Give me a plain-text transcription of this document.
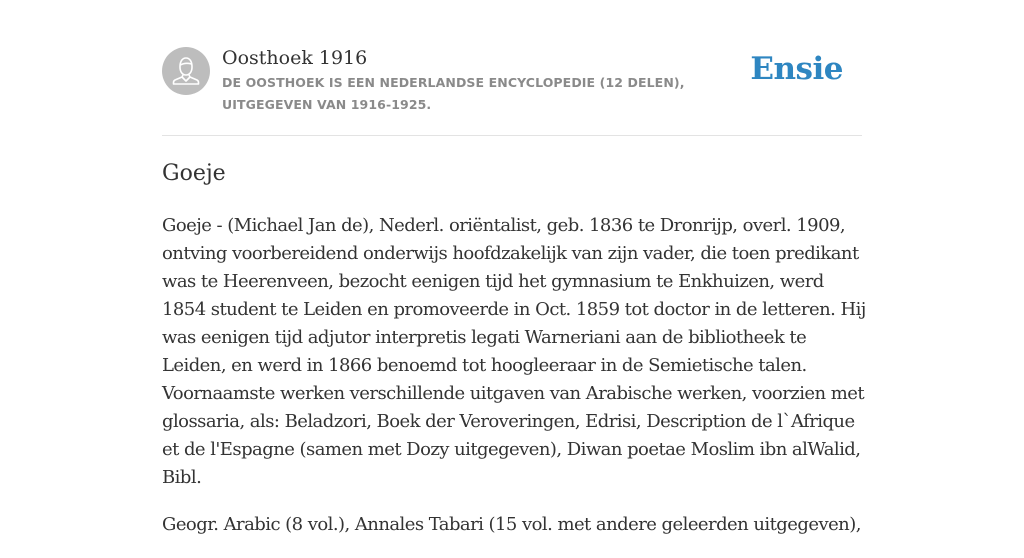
Oosthoek 1916
DE OOSTHOEK IS EEN NEDERLANDSE ENCYCLOPEDIE (12 DELEN), UITGEGEVEN VAN 1916-1925.
Ensie
Goeje

Goeje - (Michael Jan de), Nederl. oriëntalist, geb. 1836 te Dronrijp, overl. 1909, ontving voorbereidend onderwijs hoofdzakelijk van zijn vader, die toen predikant was te Heerenveen, bezocht eenigen tijd het gymnasium te Enkhuizen, werd 1854 student te Leiden en promoveerde in Oct. 1859 tot doctor in de letteren. Hij was eenigen tijd adjutor interpretis legati Warneriani aan de bibliotheek te Leiden, en werd in 1866 benoemd tot hoogleeraar in de Semietische talen. Voornaamste werken verschillende uitgaven van Arabische werken, voorzien met glossaria, als: Beladzori, Boek der Veroveringen, Edrisi, Description de l`Afrique et de l'Espagne (samen met Dozy uitgegeven), Diwan poetae Moslim ibn alWalid, Bibl.

Geogr. Arabic (8 vol.), Annales Tabari (15 vol. met andere geleerden uitgegeven),
